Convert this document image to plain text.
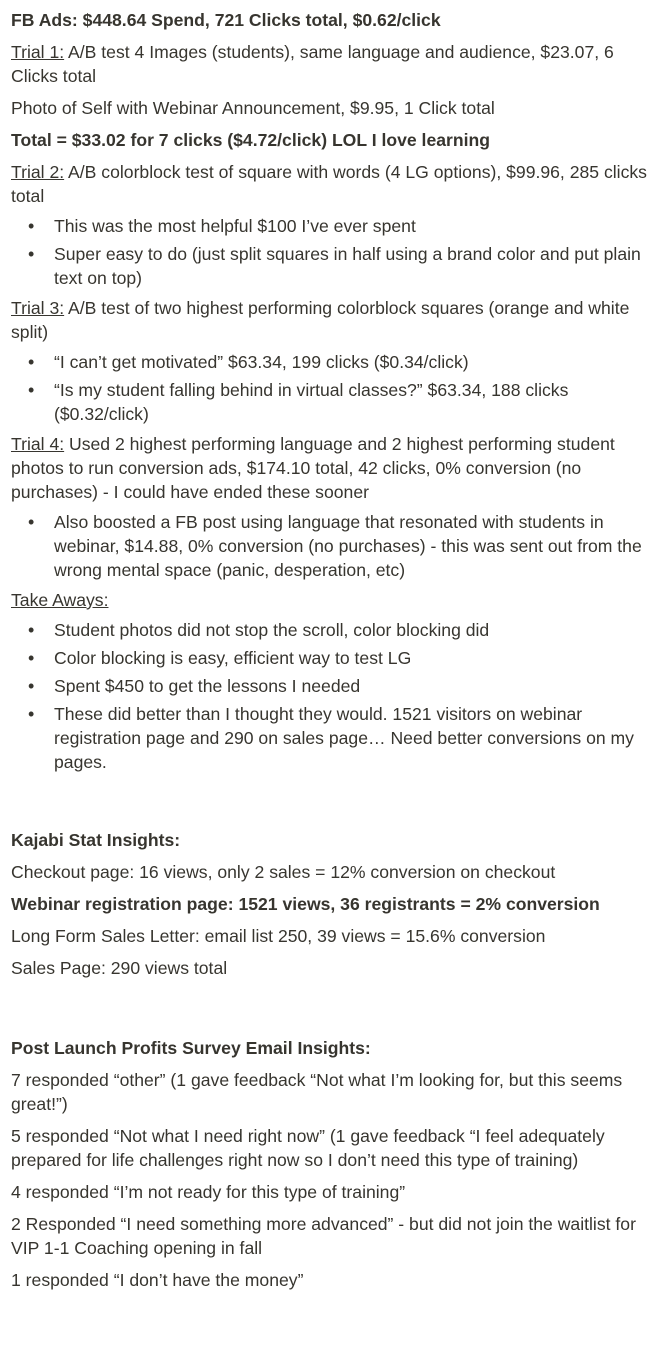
FB Ads: $448.64 Spend, 721 Clicks total, $0.62/click
Trial 1: A/B test 4 Images (students), same language and audience, $23.07, 6 Clicks total
Photo of Self with Webinar Announcement, $9.95, 1 Click total
Total = $33.02 for 7 clicks ($4.72/click) LOL I love learning
Trial 2: A/B colorblock test of square with words (4 LG options), $99.96, 285 clicks total
• This was the most helpful $100 I’ve ever spent
• Super easy to do (just split squares in half using a brand color and put plain text on top)
Trial 3: A/B test of two highest performing colorblock squares (orange and white split)
• “I can’t get motivated” $63.34, 199 clicks ($0.34/click)
• “Is my student falling behind in virtual classes?” $63.34, 188 clicks ($0.32/click)
Trial 4: Used 2 highest performing language and 2 highest performing student photos to run conversion ads, $174.10 total, 42 clicks, 0% conversion (no purchases) - I could have ended these sooner
• Also boosted a FB post using language that resonated with students in webinar, $14.88, 0% conversion (no purchases) - this was sent out from the wrong mental space (panic, desperation, etc)
Take Aways:
• Student photos did not stop the scroll, color blocking did
• Color blocking is easy, efficient way to test LG
• Spent $450 to get the lessons I needed
• These did better than I thought they would. 1521 visitors on webinar registration page and 290 on sales page… Need better conversions on my pages.
Kajabi Stat Insights:
Checkout page: 16 views, only 2 sales = 12% conversion on checkout
Webinar registration page: 1521 views, 36 registrants = 2% conversion
Long Form Sales Letter: email list 250, 39 views = 15.6% conversion
Sales Page: 290 views total
Post Launch Profits Survey Email Insights:
7 responded “other” (1 gave feedback “Not what I’m looking for, but this seems great!”)
5 responded “Not what I need right now” (1 gave feedback “I feel adequately prepared for life challenges right now so I don’t need this type of training)
4 responded “I’m not ready for this type of training”
2 Responded “I need something more advanced” - but did not join the waitlist for VIP 1-1 Coaching opening in fall
1 responded “I don’t have the money”
